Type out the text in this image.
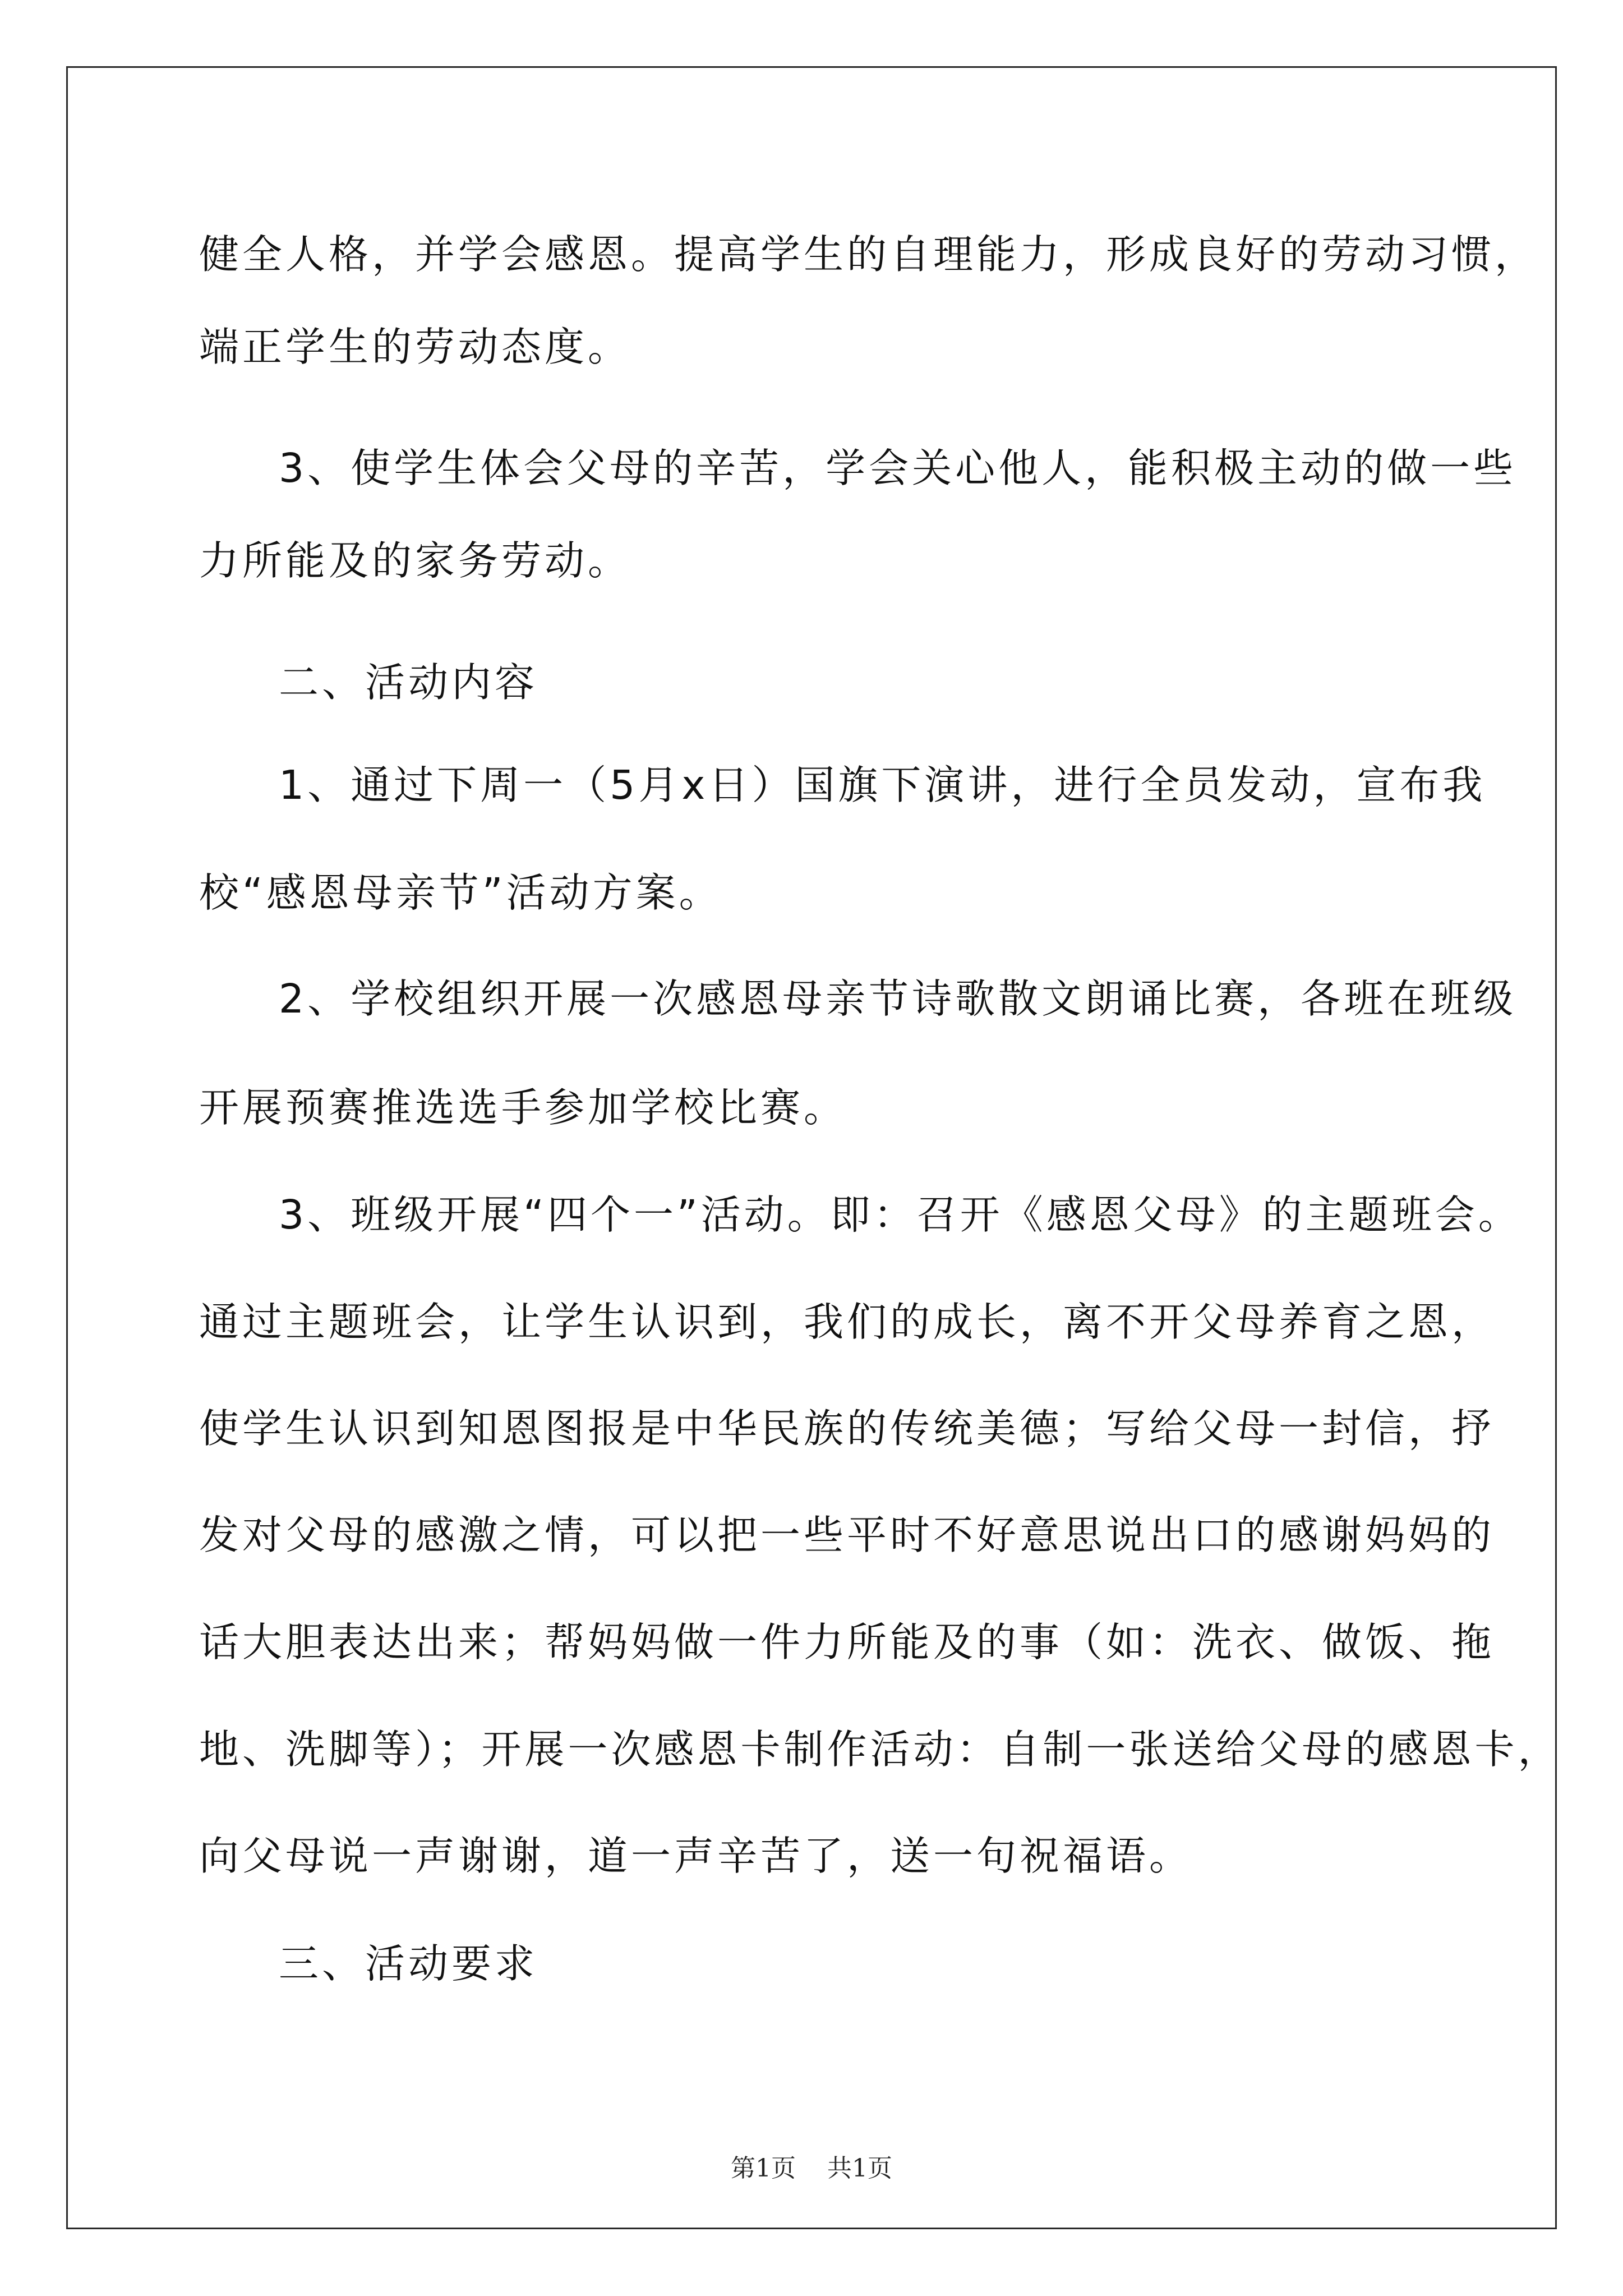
健全人格，并学会感恩。提高学生的自理能力，形成良好的劳动习惯，
端正学生的劳动态度。
3、使学生体会父母的辛苦，学会关心他人，能积极主动的做一些
力所能及的家务劳动。
二、活动内容
1、通过下周一（5月x日）国旗下演讲，进行全员发动，宣布我
校“感恩母亲节”活动方案。
2、学校组织开展一次感恩母亲节诗歌散文朗诵比赛，各班在班级
开展预赛推选选手参加学校比赛。
3、班级开展“四个一”活动。即：召开《感恩父母》的主题班会。
通过主题班会，让学生认识到，我们的成长，离不开父母养育之恩，
使学生认识到知恩图报是中华民族的传统美德；写给父母一封信，抒
发对父母的感激之情，可以把一些平时不好意思说出口的感谢妈妈的
话大胆表达出来；帮妈妈做一件力所能及的事（如：洗衣、做饭、拖
地、洗脚等）；开展一次感恩卡制作活动：自制一张送给父母的感恩卡，
向父母说一声谢谢，道一声辛苦了，送一句祝福语。
三、活动要求
第1页 共1页
